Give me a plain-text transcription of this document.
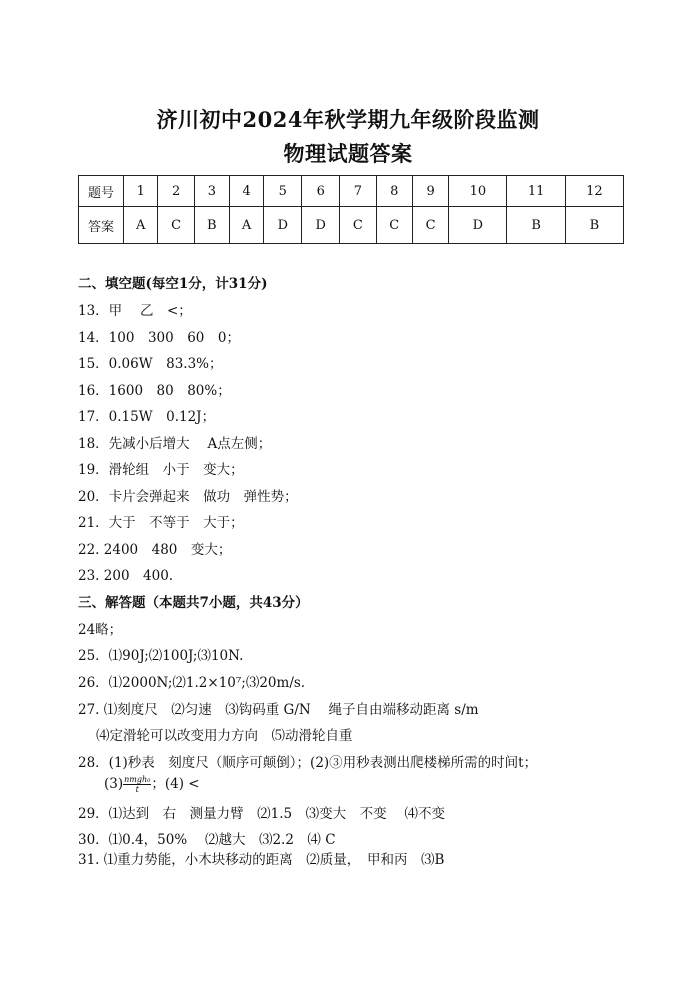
济川初中2024年秋学期九年级阶段监测
物理试题答案
题号	1	2	3	4	5	6	7	8	9	10	11	12
答案	A	C	B	A	D	D	C	C	C	D	B	B
二、填空题(每空1分，计31分)
13．甲　 乙　<；
14．100　300　60　0；
15．0.06W　83.3%；
16．1600　80　80%；
17．0.15W　0.12J；
18．先减小后增大　 A点左侧；
19．滑轮组　小于　变大；
20．卡片会弹起来　做功　弹性势；
21．大于　不等于　大于；
22. 2400　480　变大；
23. 200　400.
三、解答题（本题共7小题，共43分）
24略；
25．⑴90J;⑵100J;⑶10N.
26．⑴2000N;⑵1.2×10⁷;⑶20m/s.
27. ⑴刻度尺　⑵匀速　⑶钩码重 G/N　 绳子自由端移动距离 s/m
⑷定滑轮可以改变用力方向　⑸动滑轮自重
28．(1)秒表　刻度尺（顺序可颠倒）；(2)③用秒表测出爬楼梯所需的时间t；
$(3) \frac{\text{nmgh₀}}{t}$ ；(4) <
29．⑴达到　右　测量力臂　⑵1.5　⑶变大　不变　 ⑷不变
30．⑴0.4，50%　 ⑵越大　⑶2.2　⑷ C
31. ⑴重力势能，小木块移动的距离　⑵质量，　甲和丙　⑶B
